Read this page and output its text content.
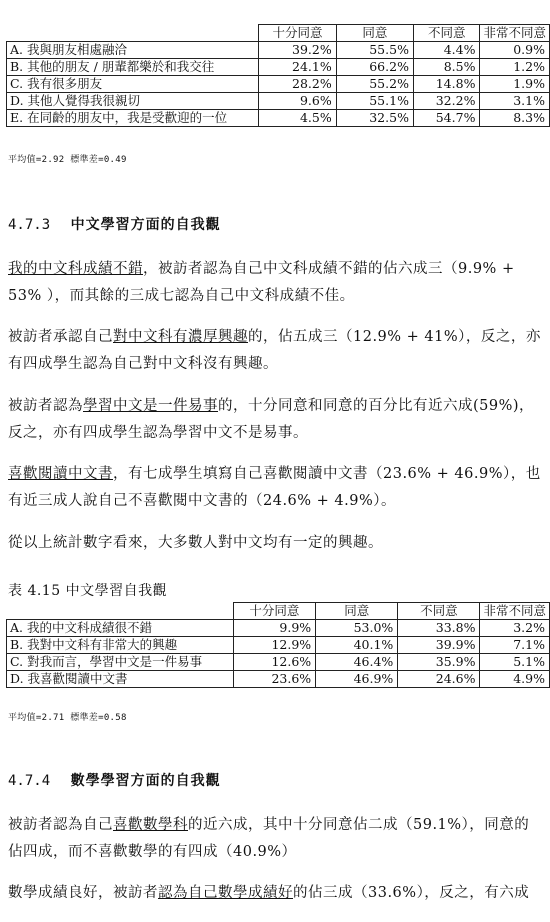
	十分同意	同意	不同意	非常不同意
A. 我與朋友相處融洽	39.2%	55.5%	4.4%	0.9%
B. 其他的朋友 / 朋輩都樂於和我交往	24.1%	66.2%	8.5%	1.2%
C. 我有很多朋友	28.2%	55.2%	14.8%	1.9%
D. 其他人覺得我很親切	9.6%	55.1%	32.2%	3.1%
E. 在同齡的朋友中，我是受歡迎的一位	4.5%	32.5%	54.7%	8.3%
平均值=2.92 標準差=0.49
4.7.3 中文學習方面的自我觀
我的中文科成績不錯，被訪者認為自己中文科成績不錯的佔六成三（9.9% +
53% ），而其餘的三成七認為自己中文科成績不佳。
被訪者承認自己對中文科有濃厚興趣的，佔五成三（12.9% + 41%），反之，亦
有四成學生認為自己對中文科沒有興趣。
被訪者認為學習中文是一件易事的，十分同意和同意的百分比有近六成(59%)，
反之，亦有四成學生認為學習中文不是易事。
喜歡閱讀中文書，有七成學生填寫自己喜歡閱讀中文書（23.6% + 46.9%），也
有近三成人說自己不喜歡閱中文書的（24.6% + 4.9%）。
從以上統計數字看來，大多數人對中文均有一定的興趣。
表 4.15 中文學習自我觀
	十分同意	同意	不同意	非常不同意
A. 我的中文科成績很不錯	9.9%	53.0%	33.8%	3.2%
B. 我對中文科有非常大的興趣	12.9%	40.1%	39.9%	7.1%
C. 對我而言，學習中文是一件易事	12.6%	46.4%	35.9%	5.1%
D. 我喜歡閱讀中文書	23.6%	46.9%	24.6%	4.9%
平均值=2.71 標準差=0.58
4.7.4 數學學習方面的自我觀
被訪者認為自己喜歡數學科的近六成，其中十分同意佔二成（59.1%），同意的
佔四成，而不喜歡數學的有四成（40.9%）
數學成績良好，被訪者認為自己數學成績好的佔三成（33.6%），反之，有六成
